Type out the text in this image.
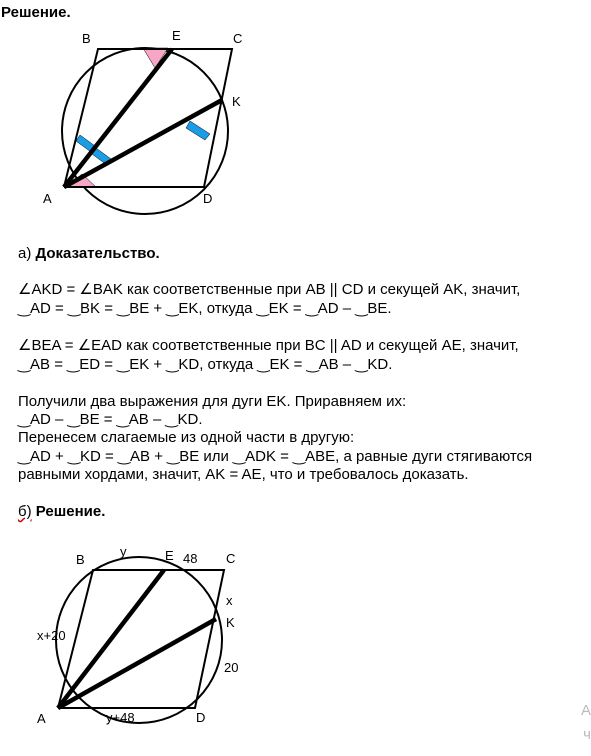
Решение.
B	E	C
K
A	D
а) Доказательство.
∠AKD = ∠BAK как соответственные при AB || CD и секущей AK, значит,
‿AD = ‿BK = ‿BE + ‿EK, откуда ‿EK = ‿AD – ‿BE.
∠BEA = ∠EAD как соответственные при BC || AD и секущей AE, значит,
‿AB = ‿ED = ‿EK + ‿KD, откуда ‿EK = ‿AB – ‿KD.
Получили два выражения для дуги EK. Приравняем их:
‿AD – ‿BE = ‿AB – ‿KD.
Перенесем слагаемые из одной части в другую:
‿AD + ‿KD = ‿AB + ‿BE или ‿ADK = ‿ABE, а равные дуги стягиваются
равными хордами, значит, AK = AE, что и требовалось доказать.
б) Решение.
B
y	E 48 C
x
K
x+20
20
A	y+48	D	А
ч
